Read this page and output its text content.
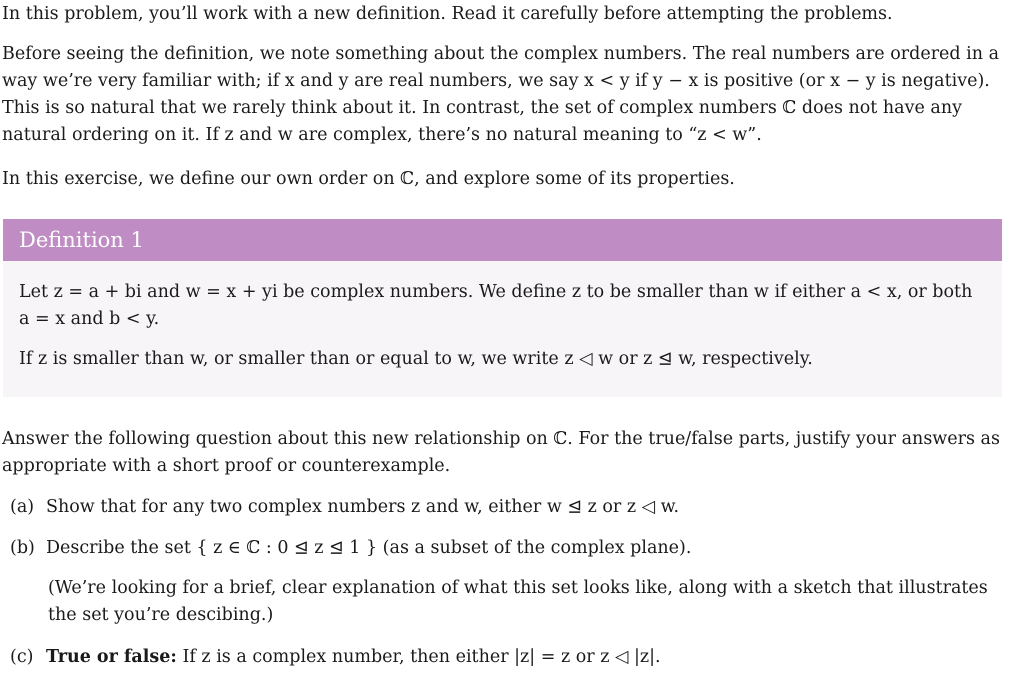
In this problem, you’ll work with a new definition. Read it carefully before attempting the problems.

Before seeing the definition, we note something about the complex numbers. The real numbers are ordered in a way we’re very familiar with; if x and y are real numbers, we say x < y if y − x is positive (or x − y is negative). This is so natural that we rarely think about it. In contrast, the set of complex numbers ℂ does not have any natural ordering on it. If z and w are complex, there’s no natural meaning to “z < w”.

In this exercise, we define our own order on ℂ, and explore some of its properties.

Definition 1

Let z = a + bi and w = x + yi be complex numbers. We define z to be smaller than w if either a < x, or both a = x and b < y.

If z is smaller than w, or smaller than or equal to w, we write z ◁ w or z ⊴ w, respectively.

Answer the following question about this new relationship on ℂ. For the true/false parts, justify your answers as appropriate with a short proof or counterexample.

(a) Show that for any two complex numbers z and w, either w ⊴ z or z ◁ w.
(b) Describe the set { z ∈ ℂ : 0 ⊴ z ⊴ 1 } (as a subset of the complex plane).

(We’re looking for a brief, clear explanation of what this set looks like, along with a sketch that illustrates the set you’re descibing.)

(c) True or false: If z is a complex number, then either |z| = z or z ◁ |z|.
